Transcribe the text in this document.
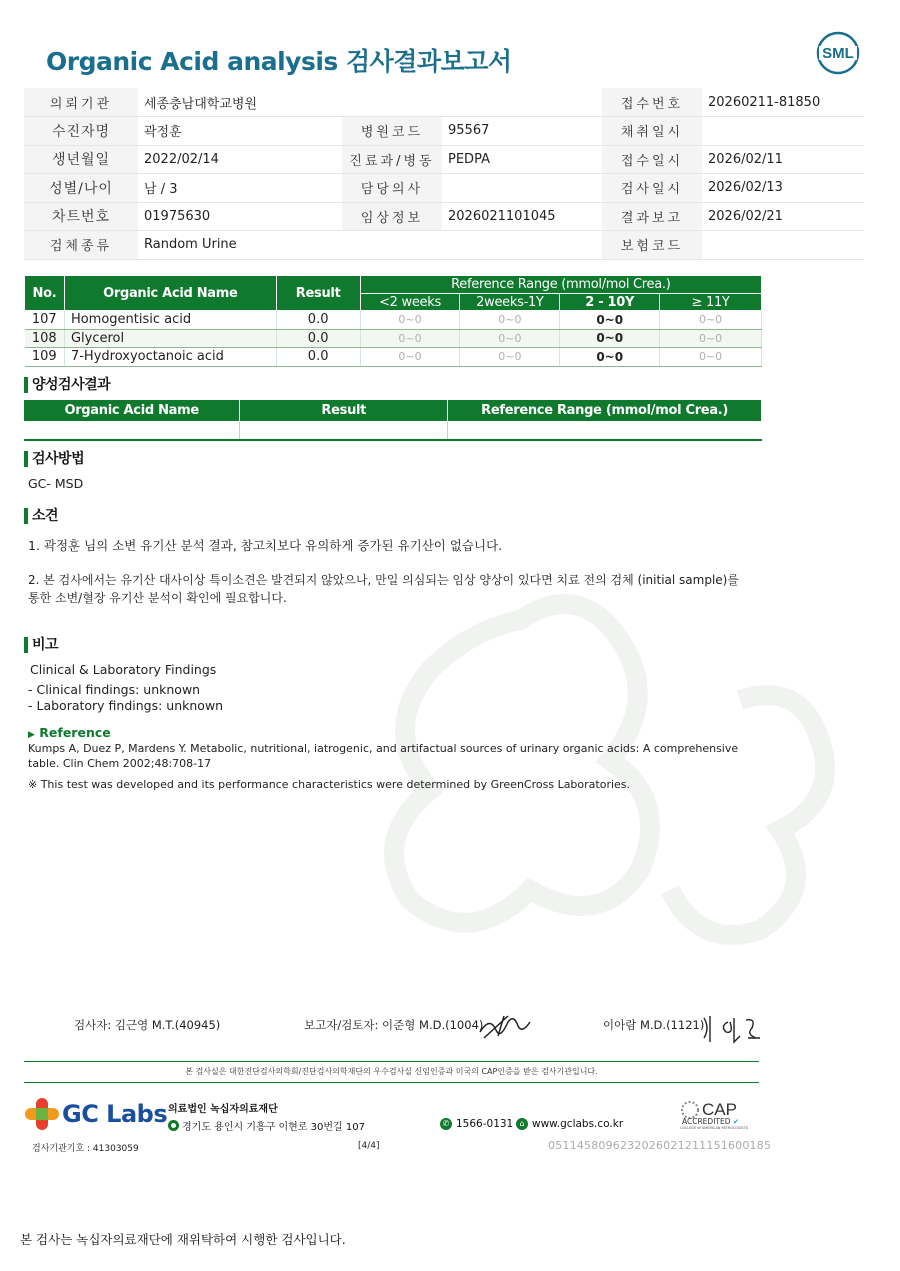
Organic Acid analysis 검사결과보고서	SML
의뢰기관	세종충남대학교병원			접수번호	20260211-81850
수진자명	곽정훈	병원코드	95567	채취일시	
생년월일	2022/02/14	진료과/병동	PEDPA	접수일시	2026/02/11
성별/나이	남 / 3	담당의사		검사일시	2026/02/13
차트번호	01975630	임상정보	2026021101045	결과보고	2026/02/21
검체종류	Random Urine			보험코드	
No.	Organic Acid Name	Result	Reference Range (mmol/mol Crea.)			
			<2 weeks	2weeks-1Y	2 - 10Y	≥ 11Y
107	Homogentisic acid	0.0	0~0	0~0	0~0	0~0
108	Glycerol	0.0	0~0	0~0	0~0	0~0
109	7-Hydroxyoctanoic acid	0.0	0~0	0~0	0~0	0~0
양성검사결과
Organic Acid Name	Result	Reference Range (mmol/mol Crea.)

검사방법
GC- MSD
소견
1. 곽정훈 님의 소변 유기산 분석 결과, 참고치보다 유의하게 증가된 유기산이 없습니다.
2. 본 검사에서는 유기산 대사이상 특이소견은 발견되지 않았으나, 만일 의심되는 임상 양상이 있다면 치료 전의 검체 (initial sample)를
통한 소변/혈장 유기산 분석이 확인에 필요합니다.
비고
Clinical & Laboratory Findings
- Clinical findings: unknown
- Laboratory findings: unknown
▶ Reference
Kumps A, Duez P, Mardens Y. Metabolic, nutritional, iatrogenic, and artifactual sources of urinary organic acids: A comprehensive
table. Clin Chem 2002;48:708-17
※ This test was developed and its performance characteristics were determined by GreenCross Laboratories.
검사자: 김근영 M.T.(40945)	보고자/검토자: 이준형 M.D.(1004)	이아람 M.D.(1121)
본 검사실은 대한진단검사의학회/진단검사의학재단의 우수검사실 신임인증과 미국의 CAP인증을 받은 검사기관입니다.
GC Labs 의료법인 녹십자의료재단
경기도 용인시 기흥구 이현로 30번길 107	✆ 1566-0131 ⌂ www.gclabs.co.kr
CAP
ACCREDITED ✔
COLLEGE of AMERICAN PATHOLOGISTS
검사기관기호 : 41303059	[4/4]	0511458096232026021211151600185
본 검사는 녹십자의료재단에 재위탁하여 시행한 검사입니다.
